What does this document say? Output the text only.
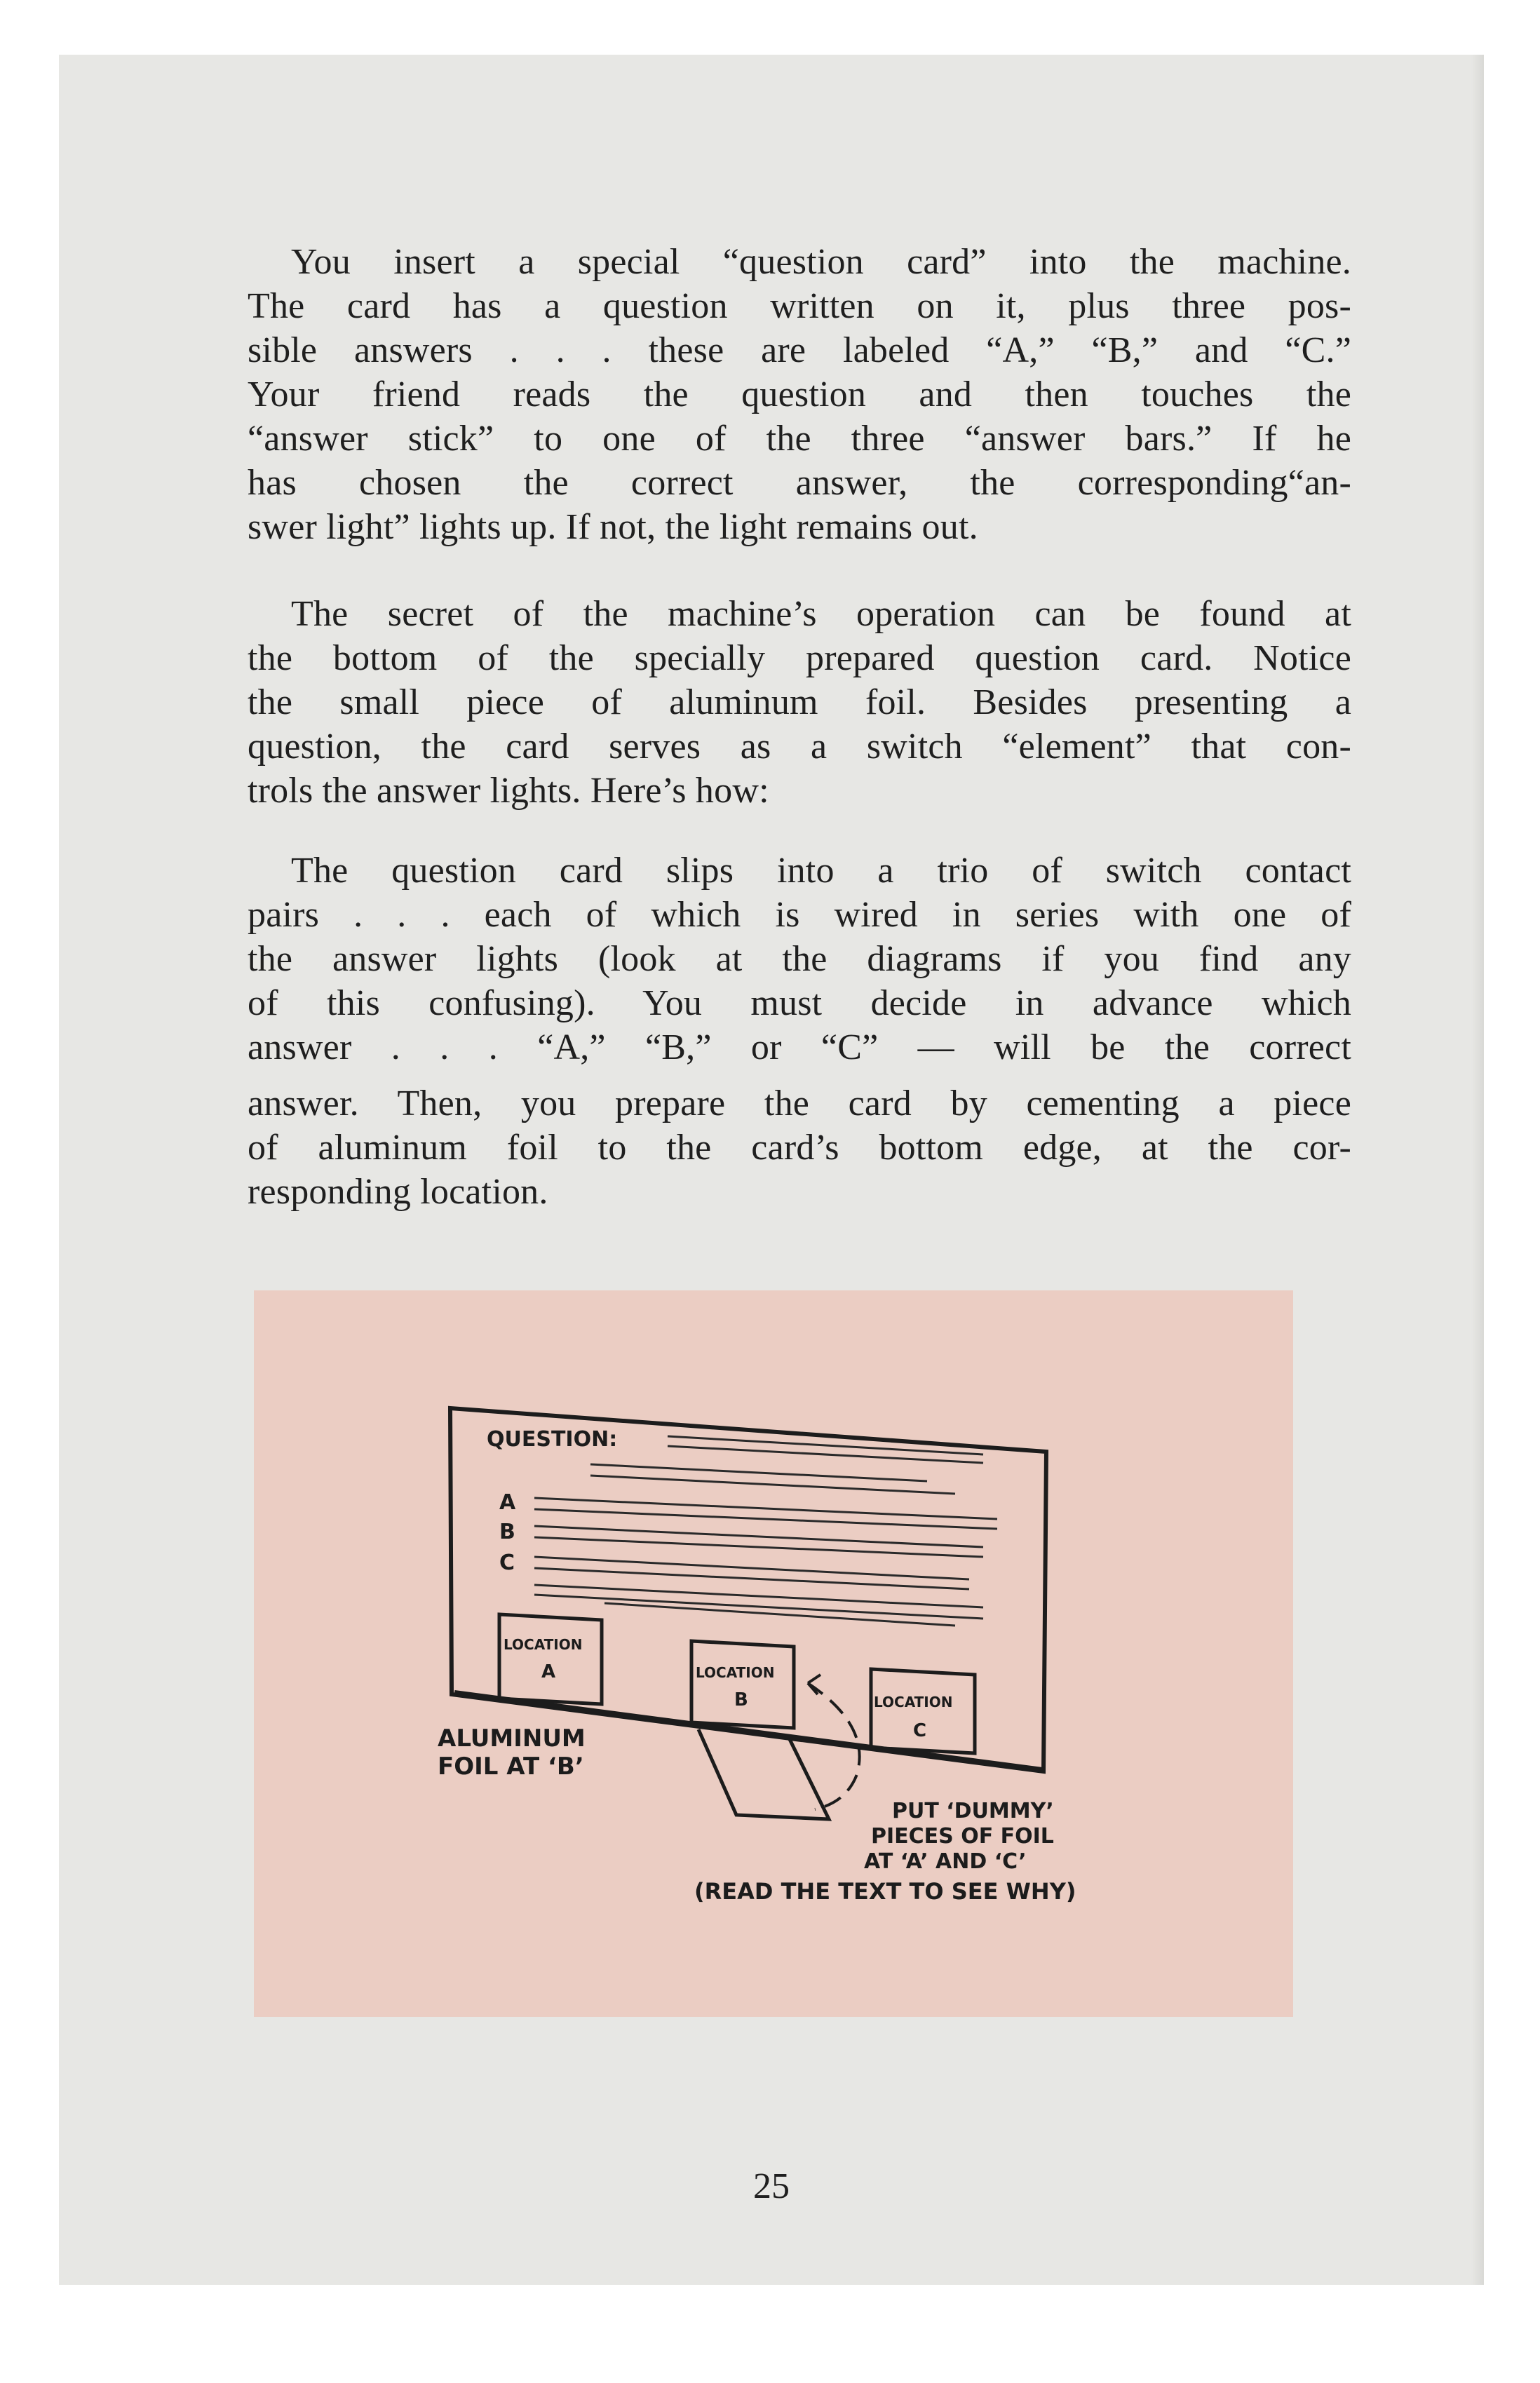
You insert a special “question card” into the machine.
The card has a question written on it, plus three pos-
sible answers . . . these are labeled “A,” “B,” and “C.”
Your friend reads the question and then touches the
“answer stick” to one of the three “answer bars.” If he
has chosen the correct answer, the corresponding“an-
swer light” lights up. If not, the light remains out.

The secret of the machine’s operation can be found at
the bottom of the specially prepared question card. Notice
the small piece of aluminum foil. Besides presenting a
question, the card serves as a switch “element” that con-
trols the answer lights. Here’s how:

The question card slips into a trio of switch contact
pairs . . . each of which is wired in series with one of
the answer lights (look at the diagrams if you find any
of this confusing). You must decide in advance which
answer . . . “A,” “B,” or “C” — will be the correct

answer. Then, you prepare the card by cementing a piece
of aluminum foil to the card’s bottom edge, at the cor-
responding location.

QUESTION:
A
B
C
LOCATION
A	LOCATION
B	LOCATION
C
ALUMINUM
FOIL AT ‘B’
PUT ‘DUMMY’
PIECES OF FOIL
AT ‘A’ AND ‘C’
(READ THE TEXT TO SEE WHY)
25
